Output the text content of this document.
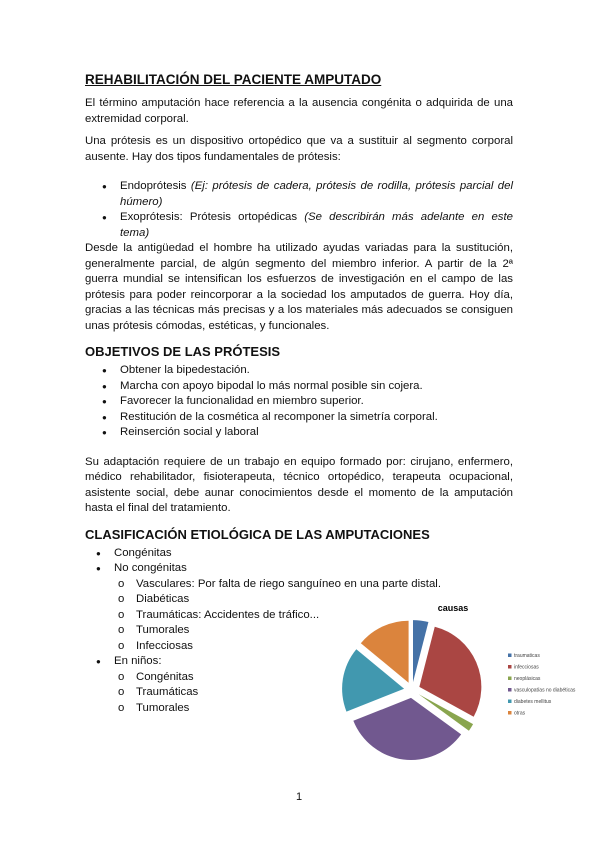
REHABILITACIÓN DEL PACIENTE AMPUTADO

El término amputación hace referencia a la ausencia congénita o adquirida de una extremidad corporal.

Una prótesis es un dispositivo ortopédico que va a sustituir al segmento corporal ausente. Hay dos tipos fundamentales de prótesis:

● Endoprótesis (Ej: prótesis de cadera, prótesis de rodilla, prótesis parcial del húmero)
● Exoprótesis: Prótesis ortopédicas (Se describirán más adelante en este tema)

Desde la antigüedad el hombre ha utilizado ayudas variadas para la sustitución, generalmente parcial, de algún segmento del miembro inferior. A partir de la 2ª guerra mundial se intensifican los esfuerzos de investigación en el campo de las prótesis para poder reincorporar a la sociedad los amputados de guerra. Hoy día, gracias a las técnicas más precisas y a los materiales más adecuados se consiguen unas prótesis cómodas, estéticas, y funcionales.

OBJETIVOS DE LAS PRÓTESIS
● Obtener la bipedestación.
● Marcha con apoyo bipodal lo más normal posible sin cojera.
● Favorecer la funcionalidad en miembro superior.
● Restitución de la cosmética al recomponer la simetría corporal.
● Reinserción social y laboral

Su adaptación requiere de un trabajo en equipo formado por: cirujano, enfermero, médico rehabilitador, fisioterapeuta, técnico ortopédico, terapeuta ocupacional, asistente social, debe aunar conocimientos desde el momento de la amputación hasta el final del tratamiento.

CLASIFICACIÓN ETIOLÓGICA DE LAS AMPUTACIONES
● Congénitas
● No congénitas
o Vasculares: Por falta de riego sanguíneo en una parte distal.
o Diabéticas
o Traumáticas: Accidentes de tráfico...
o Tumorales
o Infecciosas
● En niños:
o Congénitas
o Traumáticas
o Tumorales
causas
traumaticas
infecciosas
neoplásicas
vasculopatías no diabéticas
diabetes mellitus
otras
1
